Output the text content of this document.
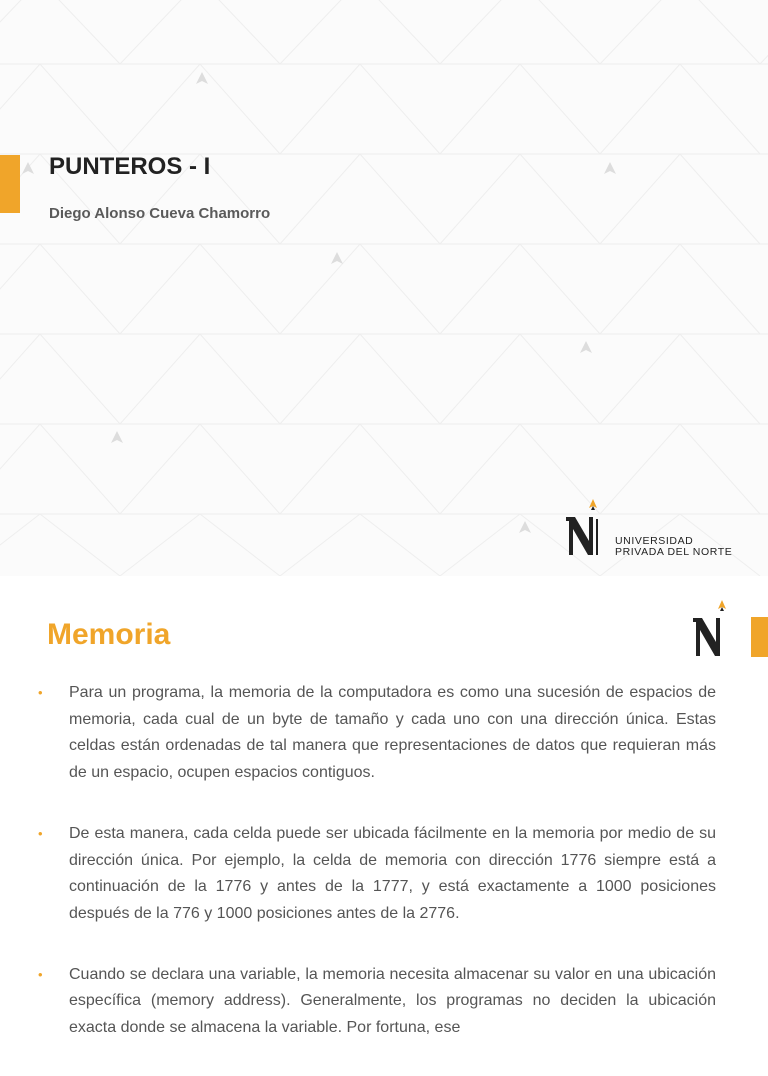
PUNTEROS - I

Diego Alonso Cueva Chamorro

UNIVERSIDAD
PRIVADA DEL NORTE
Memoria
• Para un programa, la memoria de la computadora es como una sucesión de espacios de memoria, cada cual de un byte de tamaño y cada uno con una dirección única. Estas celdas están ordenadas de tal manera que representaciones de datos que requieran más de un espacio, ocupen espacios contiguos.
• De esta manera, cada celda puede ser ubicada fácilmente en la memoria por medio de su dirección única. Por ejemplo, la celda de memoria con dirección 1776 siempre está a continuación de la 1776 y antes de la 1777, y está exactamente a 1000 posiciones después de la 776 y 1000 posiciones antes de la 2776.
• Cuando se declara una variable, la memoria necesita almacenar su valor en una ubicación específica (memory address). Generalmente, los programas no deciden la ubicación exacta donde se almacena la variable. Por fortuna, ese
